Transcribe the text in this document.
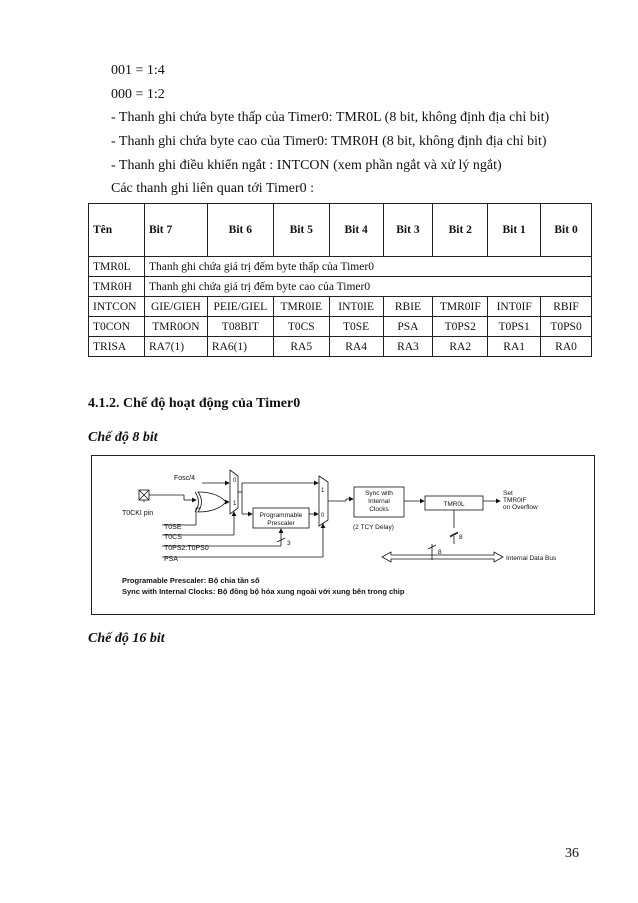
001 = 1:4
000 = 1:2
- Thanh ghi chứa byte thấp của Timer0: TMR0L (8 bit, không định địa chỉ bit)
- Thanh ghi chứa byte cao của Timer0: TMR0H (8 bit, không định địa chỉ bit)
- Thanh ghi điều khiển ngắt : INTCON (xem phần ngắt và xử lý ngắt)
Các thanh ghi liên quan tới Timer0 :
Tên	Bit 7	Bit 6	Bit 5	Bit 4	Bit 3	Bit 2	Bit 1	Bit 0
TMR0L	Thanh ghi chứa giá trị đếm byte thấp của Timer0							
TMR0H	Thanh ghi chứa giá trị đếm byte cao của Timer0							
INTCON	GIE/GIEH	PEIE/GIEL	TMR0IE	INT0IE	RBIE	TMR0IF	INT0IF	RBIF
T0CON	TMR0ON	T08BIT	T0CS	T0SE	PSA	T0PS2	T0PS1	T0PS0
TRISA	RA7(1)	RA6(1)	RA5	RA4	RA3	RA2	RA1	RA0
4.1.2. Chế độ hoạt động của Timer0
Chế độ 8 bit
Fosc/4
T0CKI pin
T0SE
T0CS
T0PS2:T0PS0
PSA
0
1
1
0
Programmable
Prescaler
3
Sync with
Internal
Clocks
(2 TCY Delay)
TMR0L
Set
TMR0IF
on Overflow
8
8
Internal Data Bus
Programable Prescaler: Bộ chia tần số
Sync with Internal Clocks: Bộ đồng bộ hóa xung ngoài với xung bên trong chip
Chế độ 16 bit
36
